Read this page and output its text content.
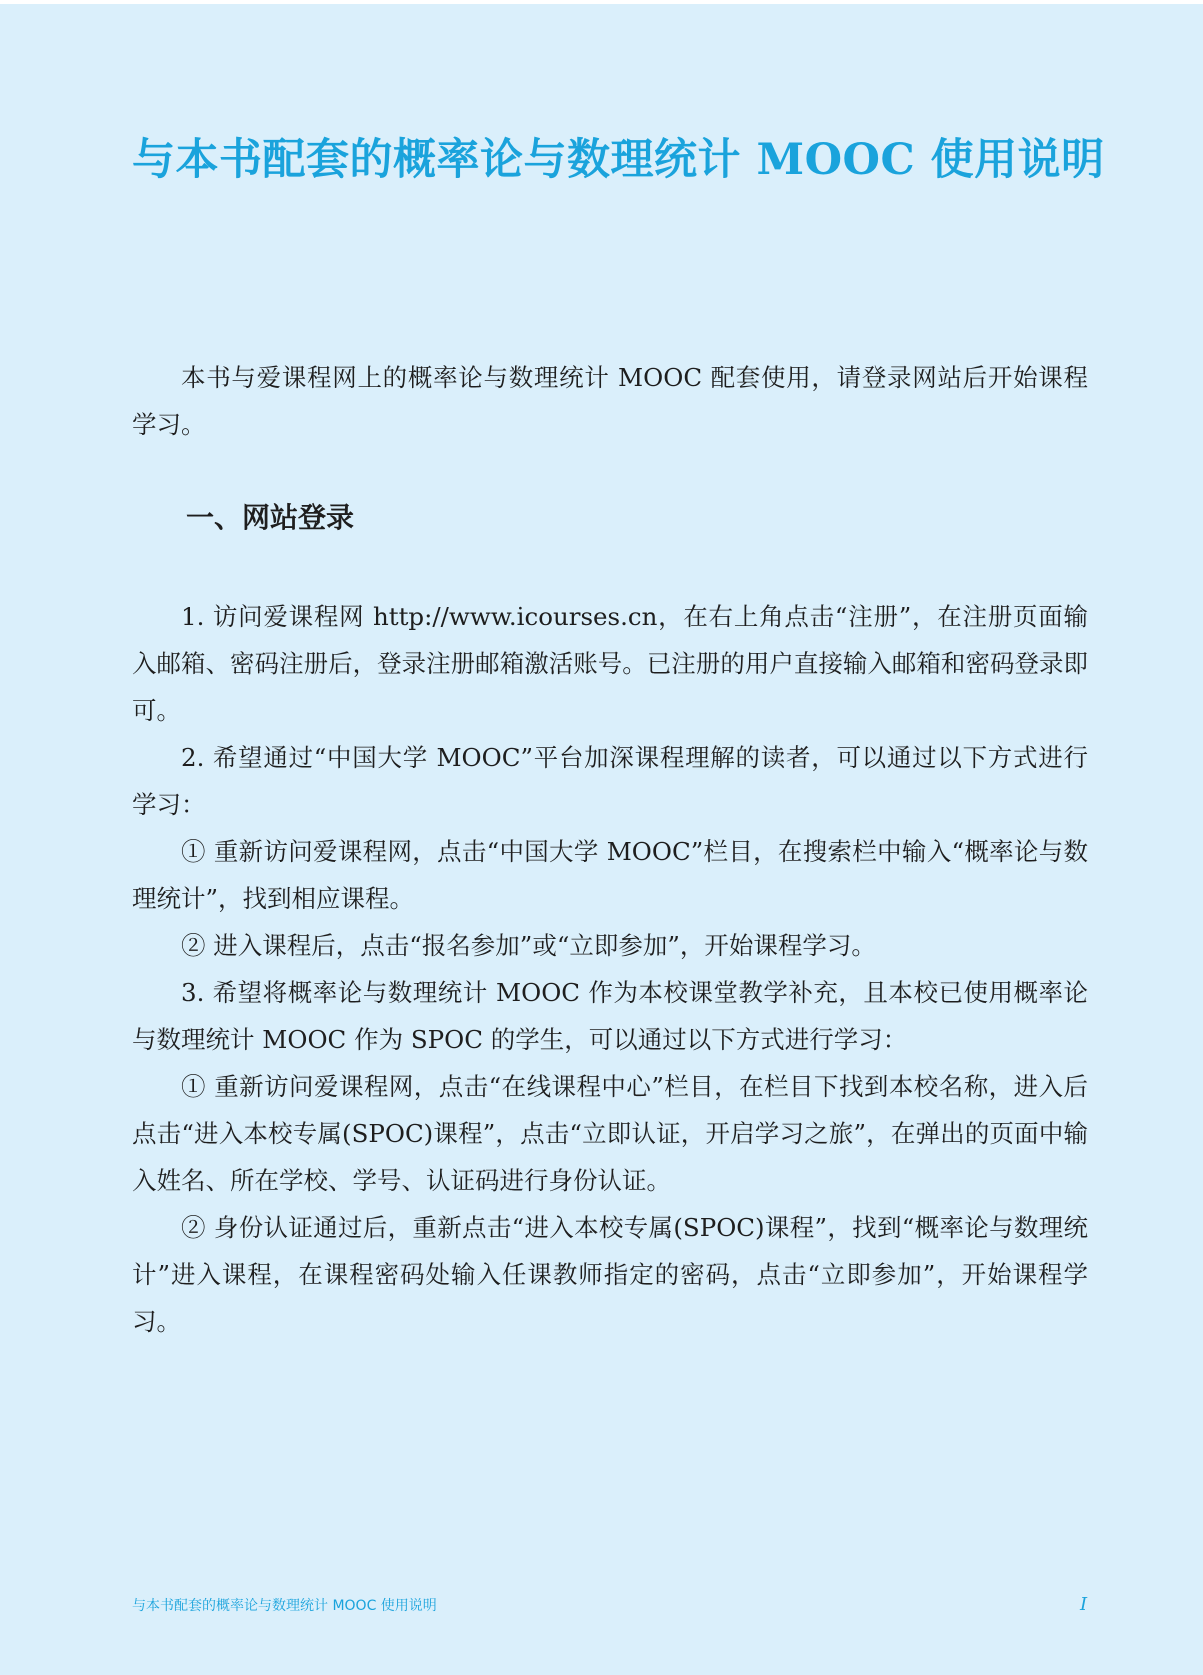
与本书配套的概率论与数理统计 MOOC 使用说明

本书与爱课程网上的概率论与数理统计 MOOC 配套使用，请登录网站后开始课程学习。

一、网站登录

1. 访问爱课程网 http://www.icourses.cn，在右上角点击“注册”，在注册页面输入邮箱、密码注册后，登录注册邮箱激活账号。已注册的用户直接输入邮箱和密码登录即可。

2. 希望通过“中国大学 MOOC”平台加深课程理解的读者，可以通过以下方式进行学习：

① 重新访问爱课程网，点击“中国大学 MOOC”栏目，在搜索栏中输入“概率论与数理统计”，找到相应课程。

② 进入课程后，点击“报名参加”或“立即参加”，开始课程学习。

3. 希望将概率论与数理统计 MOOC 作为本校课堂教学补充，且本校已使用概率论与数理统计 MOOC 作为 SPOC 的学生，可以通过以下方式进行学习：

① 重新访问爱课程网，点击“在线课程中心”栏目，在栏目下找到本校名称，进入后点击“进入本校专属(SPOC)课程”，点击“立即认证，开启学习之旅”，在弹出的页面中输入姓名、所在学校、学号、认证码进行身份认证。

② 身份认证通过后，重新点击“进入本校专属(SPOC)课程”，找到“概率论与数理统计”进入课程，在课程密码处输入任课教师指定的密码，点击“立即参加”，开始课程学习。

与本书配套的概率论与数理统计 MOOC 使用说明	I
